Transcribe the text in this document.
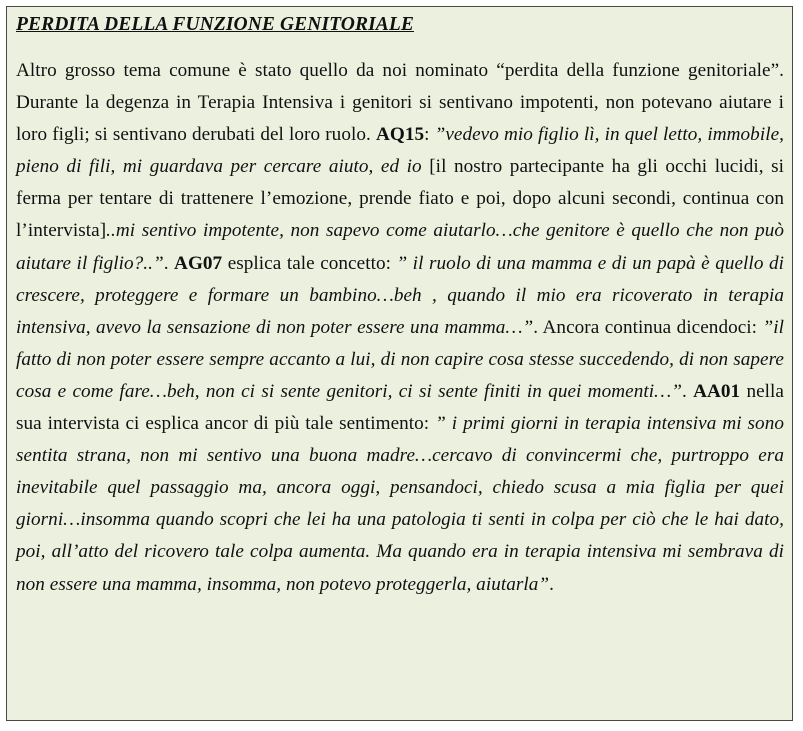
PERDITA DELLA FUNZIONE GENITORIALE

Altro grosso tema comune è stato quello da noi nominato “perdita della funzione genitoriale”. Durante la degenza in Terapia Intensiva i genitori si sentivano impotenti, non potevano aiutare i loro figli; si sentivano derubati del loro ruolo. AQ15: ”vedevo mio figlio lì, in quel letto, immobile, pieno di fili, mi guardava per cercare aiuto, ed io [il nostro partecipante ha gli occhi lucidi, si ferma per tentare di trattenere l’emozione, prende fiato e poi, dopo alcuni secondi, continua con l’intervista]..mi sentivo impotente, non sapevo come aiutarlo…che genitore è quello che non può aiutare il figlio?..”. AG07 esplica tale concetto: ” il ruolo di una mamma e di un papà è quello di crescere, proteggere e formare un bambino…beh , quando il mio era ricoverato in terapia intensiva, avevo la sensazione di non poter essere una mamma…”. Ancora continua dicendoci: ”il fatto di non poter essere sempre accanto a lui, di non capire cosa stesse succedendo, di non sapere cosa e come fare…beh, non ci si sente genitori, ci si sente finiti in quei momenti…”. AA01 nella sua intervista ci esplica ancor di più tale sentimento: ” i primi giorni in terapia intensiva mi sono sentita strana, non mi sentivo una buona madre…cercavo di convincermi che, purtroppo era inevitabile quel passaggio ma, ancora oggi, pensandoci, chiedo scusa a mia figlia per quei giorni…insomma quando scopri che lei ha una patologia ti senti in colpa per ciò che le hai dato, poi, all’atto del ricovero tale colpa aumenta. Ma quando era in terapia intensiva mi sembrava di non essere una mamma, insomma, non potevo proteggerla, aiutarla”.
